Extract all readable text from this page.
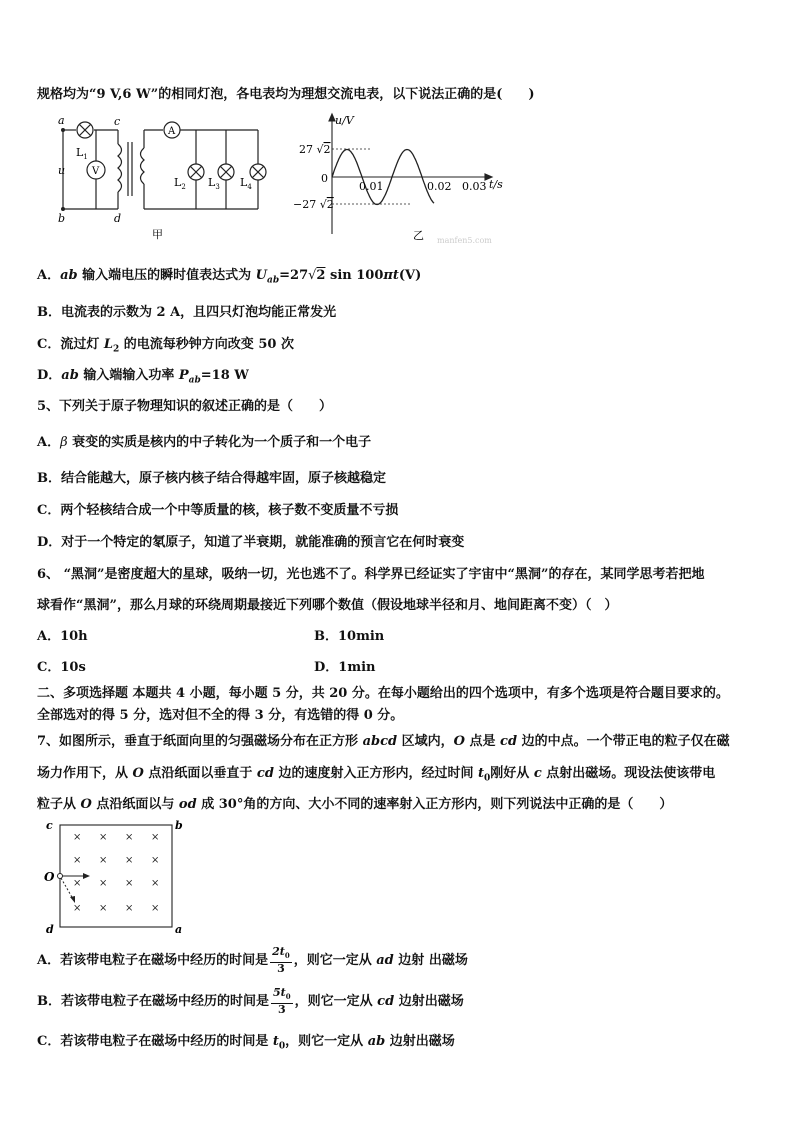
规格均为“9 V,6 W”的相同灯泡，各电表均为理想交流电表，以下说法正确的是(　　)
a
b
c
d
u
$L_1$
V
A
$L_2$ $L_3$ $L_4$
甲
u/V
t/s
0
27 √2
−27 √2
0.01	0.02 0.03
乙 manfen5.com
A．ab 输入端电压的瞬时值表达式为 $U_{ab}=27√2$ sin 100πt(V)
B．电流表的示数为 2 A，且四只灯泡均能正常发光
C．流过灯 $L_2$ 的电流每秒钟方向改变 50 次
D．ab 输入端输入功率 $P_{ab}=18$ W
5、下列关于原子物理知识的叙述正确的是（　　）
A．β 衰变的实质是核内的中子转化为一个质子和一个电子
B．结合能越大，原子核内核子结合得越牢固，原子核越稳定
C．两个轻核结合成一个中等质量的核，核子数不变质量不亏损
D．对于一个特定的氡原子，知道了半衰期，就能准确的预言它在何时衰变
6、 “黑洞”是密度超大的星球，吸纳一切，光也逃不了。科学界已经证实了宇宙中“黑洞”的存在，某同学思考若把地
球看作“黑洞”，那么月球的环绕周期最接近下列哪个数值（假设地球半径和月、地间距离不变）（　）
A．10h	B．10min
C．10s	D．1min
二、多项选择题 本题共 4 小题，每小题 5 分，共 20 分。在每小题给出的四个选项中，有多个选项是符合题目要求的。
全部选对的得 5 分，选对但不全的得 3 分，有选错的得 0 分。
7、如图所示，垂直于纸面向里的匀强磁场分布在正方形 abcd 区域内，O 点是 cd 边的中点。一个带正电的粒子仅在磁
场力作用下，从 O 点沿纸面以垂直于 cd 边的速度射入正方形内，经过时间 $t_0$刚好从 c 点射出磁场。现设法使该带电
粒子从 O 点沿纸面以与 od 成 30°角的方向、大小不同的速率射入正方形内，则下列说法中正确的是（　　）
× × × ×
× × × ×
× × × ×
× × × ×
c	b
d	a
O
A．若该带电粒子在磁场中经历的时间是 $\frac{2t_0}{3}$ ，则它一定从 ad 边射 出磁场
B．若该带电粒子在磁场中经历的时间是 $\frac{5t_0}{3}$ ，则它一定从 cd 边射出磁场
C．若该带电粒子在磁场中经历的时间是 $t_0$，则它一定从 ab 边射出磁场
